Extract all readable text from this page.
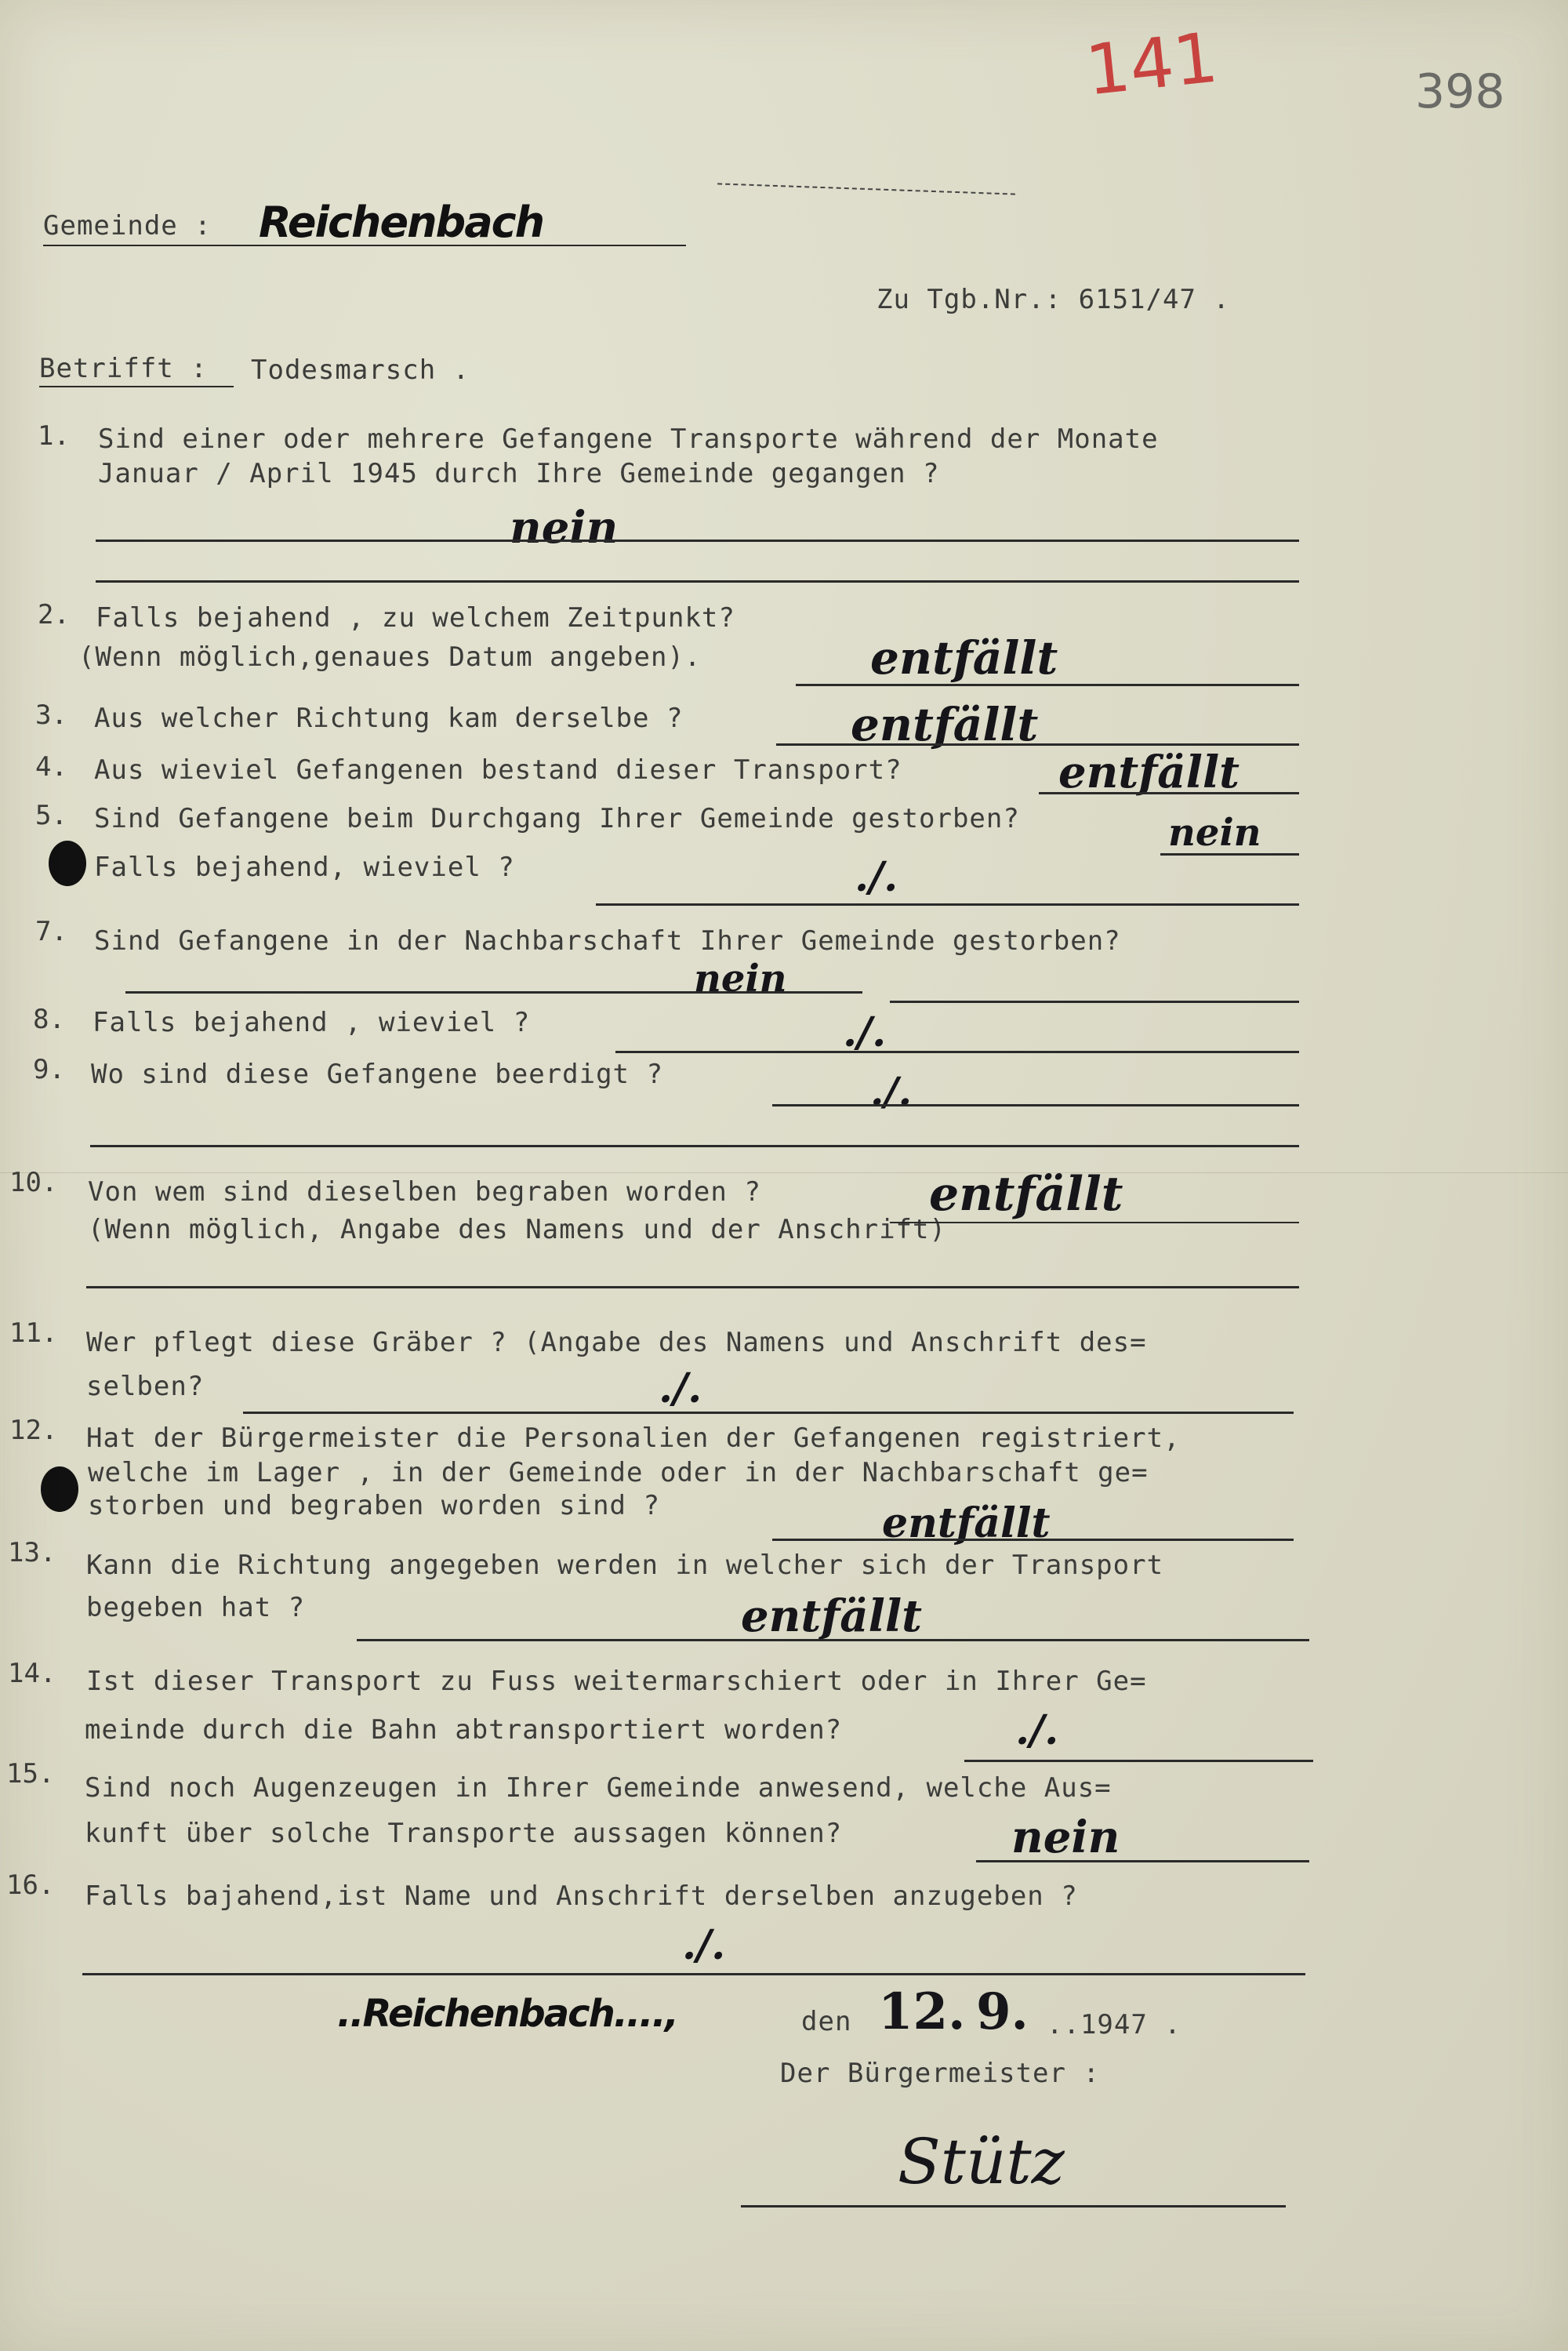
141	398
Gemeinde : Reichenbach
Zu Tgb.Nr.: 6151/47 .
Betrifft : Todesmarsch .
1. Sind einer oder mehrere Gefangene Transporte während der Monate
Januar / April 1945 durch Ihre Gemeinde gegangen ?
nein
2. Falls bejahend , zu welchem Zeitpunkt?
(Wenn möglich,genaues Datum angeben).	entfällt
3. Aus welcher Richtung kam derselbe ?	entfällt
4. Aus wieviel Gefangenen bestand dieser Transport?	entfällt
5. Sind Gefangene beim Durchgang Ihrer Gemeinde gestorben?	nein
Falls bejahend, wieviel ?	./.
7. Sind Gefangene in der Nachbarschaft Ihrer Gemeinde gestorben?
nein
8. Falls bejahend , wieviel ?	./.
9. Wo sind diese Gefangene beerdigt ?	./.
10. Von wem sind dieselben begraben worden ?
(Wenn möglich, Angabe des Namens und der Anschrift)
entfällt
11. Wer pflegt diese Gräber ? (Angabe des Namens und Anschrift des=
selben?	./.
12. Hat der Bürgermeister die Personalien der Gefangenen registriert,
welche im Lager , in der Gemeinde oder in der Nachbarschaft ge=
storben und begraben worden sind ?	entfällt
13. Kann die Richtung angegeben werden in welcher sich der Transport
begeben hat ?	entfällt
14. Ist dieser Transport zu Fuss weitermarschiert oder in Ihrer Ge=
meinde durch die Bahn abtransportiert worden?	./.
15. Sind noch Augenzeugen in Ihrer Gemeinde anwesend, welche Aus=
kunft über solche Transporte aussagen können?	nein
16. Falls bajahend,ist Name und Anschrift derselben anzugeben ?
./.
..Reichenbach....,	den 12. 9. ..1947 .
Der Bürgermeister :
Stütz
